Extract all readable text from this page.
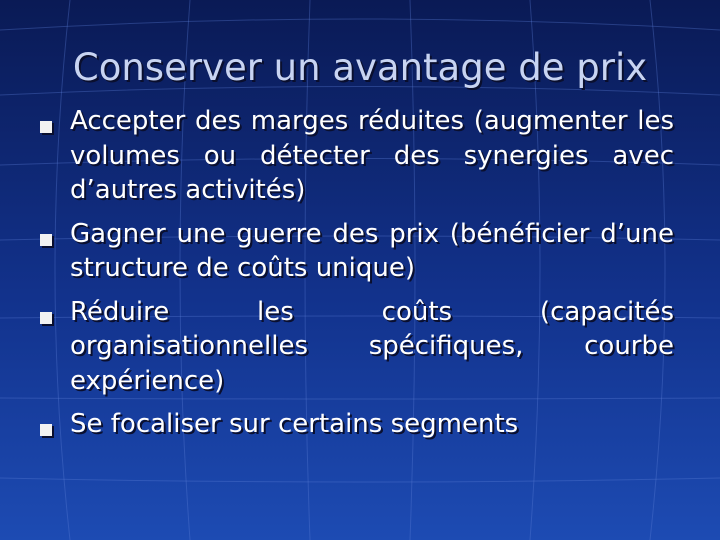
Conserver un avantage de prix
Accepter des marges réduites (augmenter les volumes ou détecter des synergies avec d’autres activités)
Gagner une guerre des prix (bénéficier d’une structure de coûts unique)
Réduire les coûts (capacités organisationnelles spécifiques, courbe expérience)
Se focaliser sur certains segments
